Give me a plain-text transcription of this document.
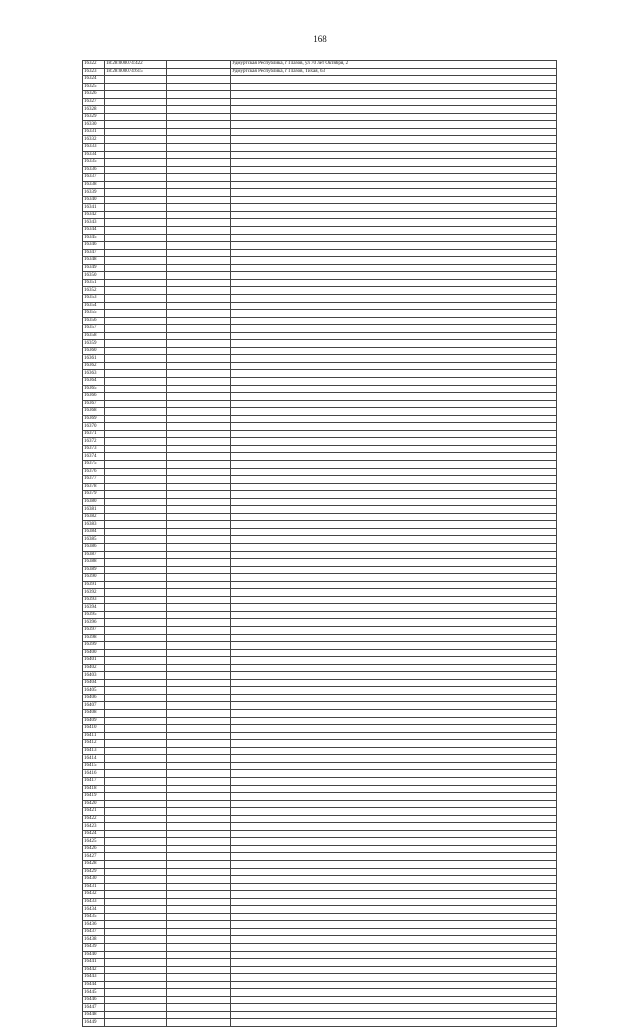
168
16322	18:28:000074:422		Удмуртская Республика, г Глазов, ул 70 лет Октября, 2
16323	18:28:000074:615		Удмуртская Республика, г Глазов, Тихая, 63
16324			
16325			
16326			
16327			
16328			
16329			
16330			
16331			
16332			
16333			
16334			
16335			
16336			
16337			
16338			
16339			
16340			
16341			
16342			
16343			
16344			
16345			
16346			
16347			
16348			
16349			
16350			
16351			
16352			
16353			
16354			
16355			
16356			
16357			
16358			
16359			
16360			
16361			
16362			
16363			
16364			
16365			
16366			
16367			
16368			
16369			
16370			
16371			
16372			
16373			
16374			
16375			
16376			
16377			
16378			
16379			
16380			
16381			
16382			
16383			
16384			
16385			
16386			
16387			
16388			
16389			
16390			
16391			
16392			
16393			
16394			
16395			
16396			
16397			
16398			
16399			
16400			
16401			
16402			
16403			
16404			
16405			
16406			
16407			
16408			
16409			
16410			
16411			
16412			
16413			
16414			
16415			
16416			
16417			
16418			
16419			
16420			
16421			
16422			
16423			
16424			
16425			
16426			
16427			
16428			
16429			
16430			
16431			
16432			
16433			
16434			
16435			
16436			
16437			
16438			
16439			
16440			
16441			
16442			
16443			
16444			
16445			
16446			
16447			
16448			
16449			
